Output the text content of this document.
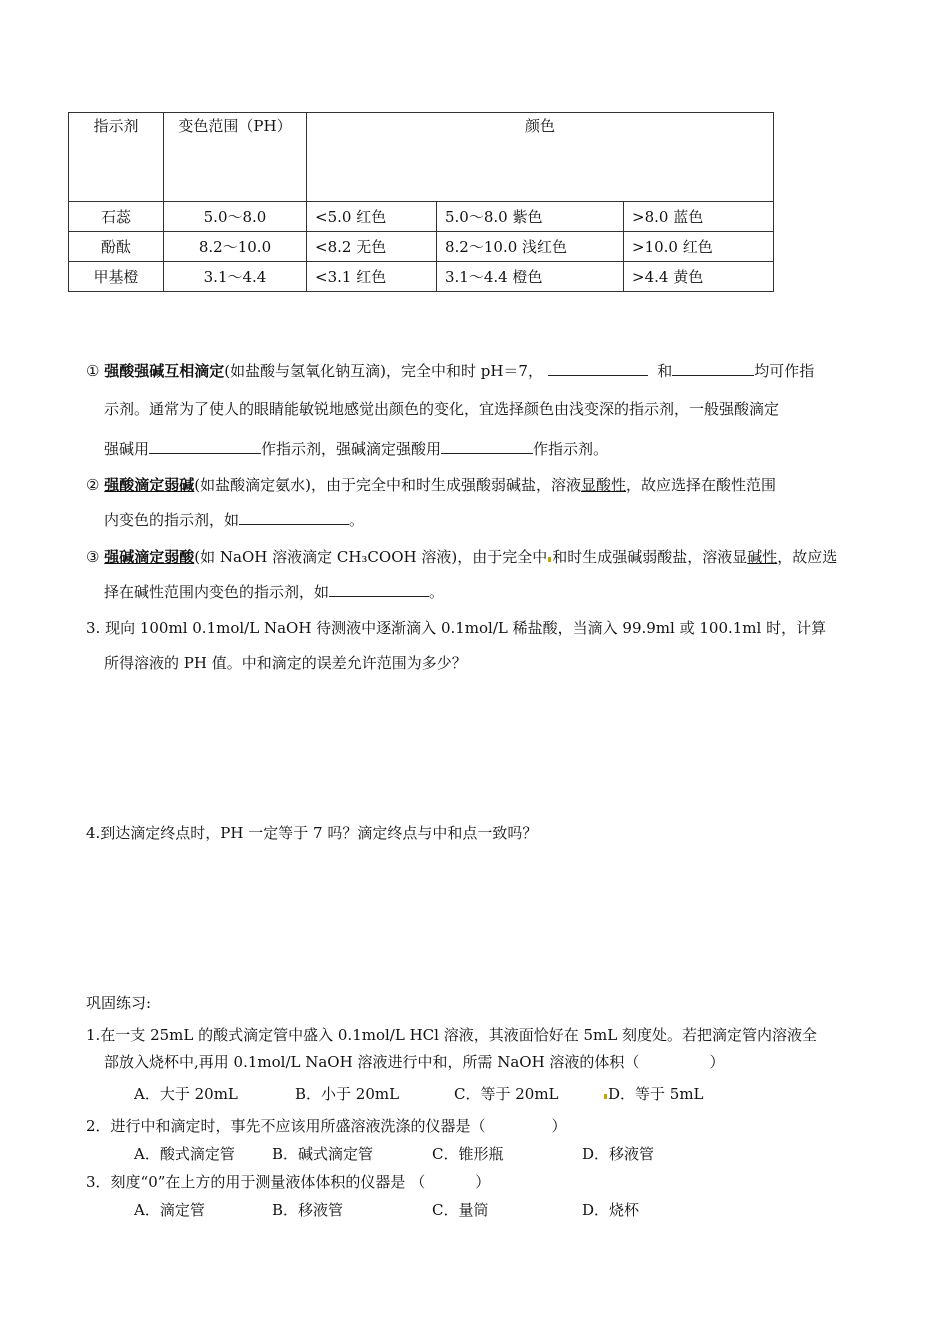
指示剂	变色范围（PH）	颜色		
石蕊	5.0～8.0	<5.0 红色	5.0～8.0 紫色	>8.0 蓝色
酚酞	8.2～10.0	<8.2 无色	8.2～10.0 浅红色	>10.0 红色
甲基橙	3.1～4.4	<3.1 红色	3.1～4.4 橙色	>4.4 黄色
① 强酸强碱互相滴定(如盐酸与氢氧化钠互滴)，完全中和时 pH＝7，	和	均可作指
示剂。通常为了使人的眼睛能敏锐地感觉出颜色的变化，宜选择颜色由浅变深的指示剂，一般强酸滴定
强碱用	作指示剂，强碱滴定强酸用	作指示剂。
② 强酸滴定弱碱(如盐酸滴定氨水)，由于完全中和时生成强酸弱碱盐，溶液显酸性，故应选择在酸性范围
内变色的指示剂，如	。
③ 强碱滴定弱酸(如 NaOH 溶液滴定 CH₃COOH 溶液)，由于完全中 和时生成强碱弱酸盐，溶液显碱性，故应选
择在碱性范围内变色的指示剂，如	。
3. 现向 100ml 0.1mol/L NaOH 待测液中逐渐滴入 0.1mol/L 稀盐酸，当滴入 99.9ml 或 100.1ml 时，计算
所得溶液的 PH 值。中和滴定的误差允许范围为多少？
4.到达滴定终点时，PH 一定等于 7 吗？滴定终点与中和点一致吗？
巩固练习:
1.在一支 25mL 的酸式滴定管中盛入 0.1mol/L HCl 溶液，其液面恰好在 5mL 刻度处。若把滴定管内溶液全
部放入烧杯中,再用 0.1mol/L NaOH 溶液进行中和，所需 NaOH 溶液的体积（	）
A．大于 20mL	B．小于 20mL	C．等于 20mL	D．等于 5mL
2．进行中和滴定时，事先不应该用所盛溶液洗涤的仪器是（	）
A．酸式滴定管 B．碱式滴定管	C．锥形瓶	D．移液管
3．刻度“0”在上方的用于测量液体体积的仪器是 （	）
A．滴定管	B．移液管	C．量筒	D．烧杯
